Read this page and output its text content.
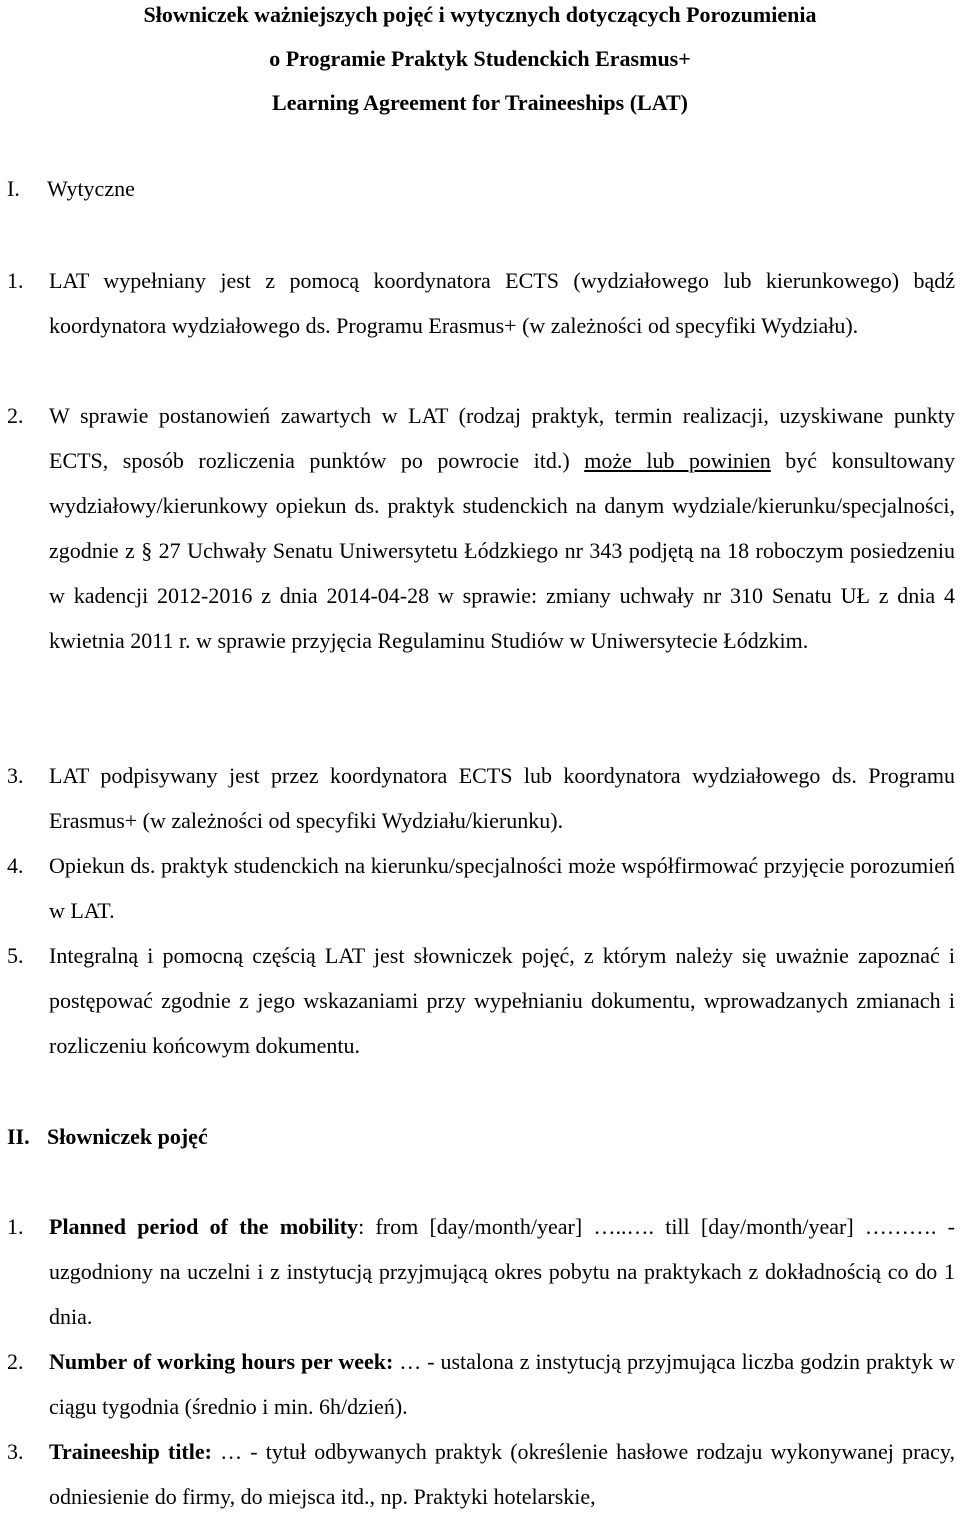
Słowniczek ważniejszych pojęć i wytycznych dotyczących Porozumienia
o Programie Praktyk Studenckich Erasmus+
Learning Agreement for Traineeships (LAT)
I. Wytyczne
1. LAT wypełniany jest z pomocą koordynatora ECTS (wydziałowego lub kierunkowego) bądź koordynatora wydziałowego ds. Programu Erasmus+ (w zależności od specyfiki Wydziału).
2. W sprawie postanowień zawartych w LAT (rodzaj praktyk, termin realizacji, uzyskiwane punkty ECTS, sposób rozliczenia punktów po powrocie itd.) może lub powinien być konsultowany wydziałowy/kierunkowy opiekun ds. praktyk studenckich na danym wydziale/kierunku/specjalności, zgodnie z § 27 Uchwały Senatu Uniwersytetu Łódzkiego nr 343 podjętą na 18 roboczym posiedzeniu w kadencji 2012-2016 z dnia 2014-04-28 w sprawie: zmiany uchwały nr 310 Senatu UŁ z dnia 4 kwietnia 2011 r. w sprawie przyjęcia Regulaminu Studiów w Uniwersytecie Łódzkim.
3. LAT podpisywany jest przez koordynatora ECTS lub koordynatora wydziałowego ds. Programu Erasmus+ (w zależności od specyfiki Wydziału/kierunku).
4. Opiekun ds. praktyk studenckich na kierunku/specjalności może współfirmować przyjęcie porozumień w LAT.
5. Integralną i pomocną częścią LAT jest słowniczek pojęć, z którym należy się uważnie zapoznać i postępować zgodnie z jego wskazaniami przy wypełnianiu dokumentu, wprowadzanych zmianach i rozliczeniu końcowym dokumentu.
II. Słowniczek pojęć
1. Planned period of the mobility: from [day/month/year] …..…. till [day/month/year] ………. - uzgodniony na uczelni i z instytucją przyjmującą okres pobytu na praktykach z dokładnością co do 1 dnia.
2. Number of working hours per week: … - ustalona z instytucją przyjmująca liczba godzin praktyk w ciągu tygodnia (średnio i min. 6h/dzień).
3. Traineeship title: … - tytuł odbywanych praktyk (określenie hasłowe rodzaju wykonywanej pracy, odniesienie do firmy, do miejsca itd., np. Praktyki hotelarskie,
